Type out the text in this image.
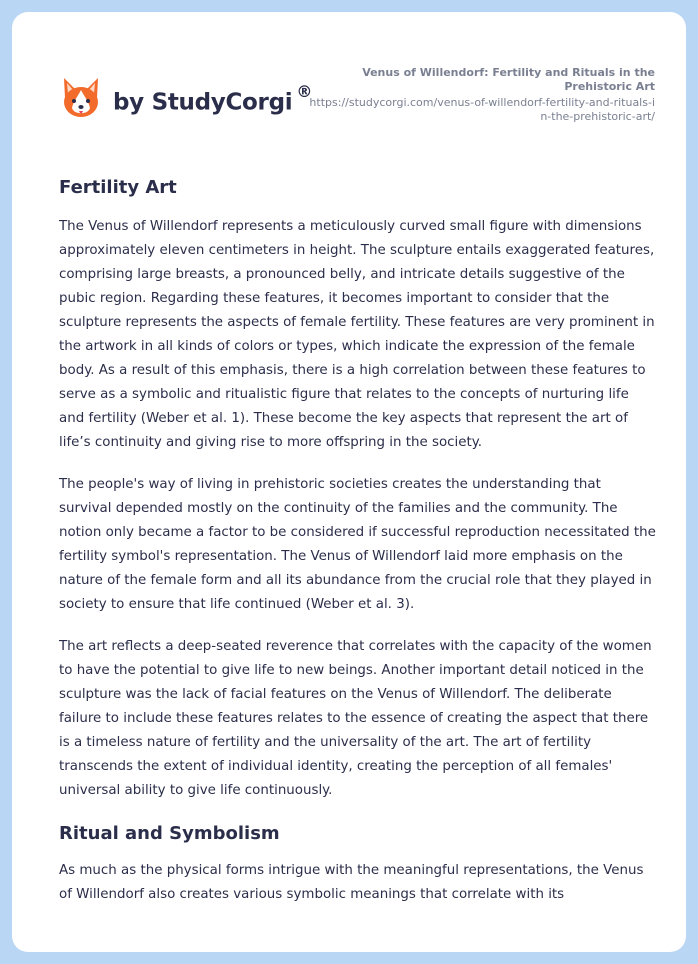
by StudyCorgi ®
Venus of Willendorf: Fertility and Rituals in the Prehistoric Art
https://studycorgi.com/venus-of-willendorf-fertility-and-rituals-in-the-prehistoric-art/
Fertility Art

The Venus of Willendorf represents a meticulously curved small figure with dimensions approximately eleven centimeters in height. The sculpture entails exaggerated features, comprising large breasts, a pronounced belly, and intricate details suggestive of the pubic region. Regarding these features, it becomes important to consider that the sculpture represents the aspects of female fertility. These features are very prominent in the artwork in all kinds of colors or types, which indicate the expression of the female body. As a result of this emphasis, there is a high correlation between these features to serve as a symbolic and ritualistic figure that relates to the concepts of nurturing life and fertility (Weber et al. 1). These become the key aspects that represent the art of life’s continuity and giving rise to more offspring in the society.

The people's way of living in prehistoric societies creates the understanding that survival depended mostly on the continuity of the families and the community. The notion only became a factor to be considered if successful reproduction necessitated the fertility symbol's representation. The Venus of Willendorf laid more emphasis on the nature of the female form and all its abundance from the crucial role that they played in society to ensure that life continued (Weber et al. 3).

The art reflects a deep-seated reverence that correlates with the capacity of the women to have the potential to give life to new beings. Another important detail noticed in the sculpture was the lack of facial features on the Venus of Willendorf. The deliberate failure to include these features relates to the essence of creating the aspect that there is a timeless nature of fertility and the universality of the art. The art of fertility transcends the extent of individual identity, creating the perception of all females' universal ability to give life continuously.

Ritual and Symbolism

As much as the physical forms intrigue with the meaningful representations, the Venus of Willendorf also creates various symbolic meanings that correlate with its
